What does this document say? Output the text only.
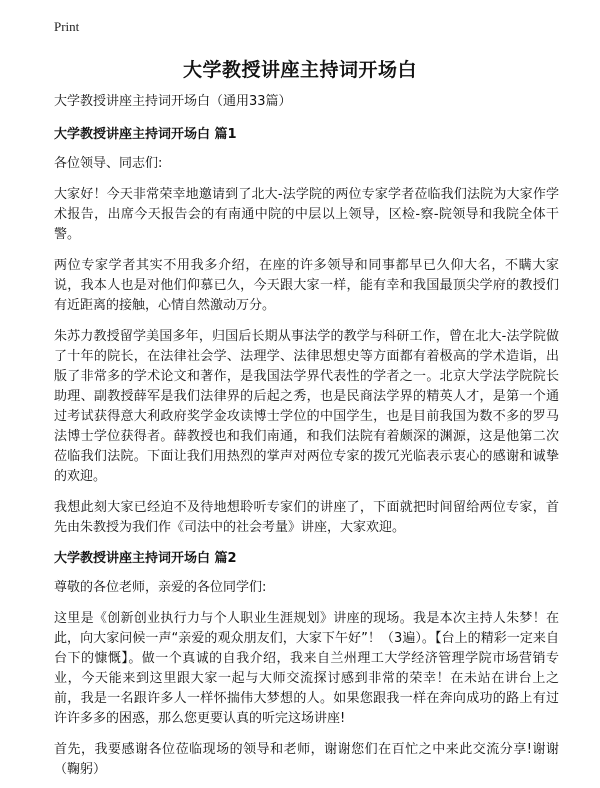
Print
大学教授讲座主持词开场白
大学教授讲座主持词开场白（通用33篇）
大学教授讲座主持词开场白 篇1
各位领导、同志们:

大家好！今天非常荣幸地邀请到了北大-法学院的两位专家学者莅临我们法院为大家作学术报告，出席今天报告会的有南通中院的中层以上领导，区检-察-院领导和我院全体干警。

两位专家学者其实不用我多介绍，在座的许多领导和同事都早已久仰大名，不瞒大家说，我本人也是对他们仰慕已久，今天跟大家一样，能有幸和我国最顶尖学府的教授们有近距离的接触，心情自然激动万分。

朱苏力教授留学美国多年，归国后长期从事法学的教学与科研工作，曾在北大-法学院做了十年的院长，在法律社会学、法理学、法律思想史等方面都有着极高的学术造诣，出版了非常多的学术论文和著作，是我国法学界代表性的学者之一。北京大学法学院院长助理、副教授薛军是我们法律界的后起之秀，也是民商法学界的精英人才，是第一个通过考试获得意大利政府奖学金攻读博士学位的中国学生，也是目前我国为数不多的罗马法博士学位获得者。薛教授也和我们南通，和我们法院有着颇深的渊源，这是他第二次莅临我们法院。下面让我们用热烈的掌声对两位专家的拨冗光临表示衷心的感谢和诚挚的欢迎。

我想此刻大家已经迫不及待地想聆听专家们的讲座了，下面就把时间留给两位专家，首先由朱教授为我们作《司法中的社会考量》讲座，大家欢迎。

大学教授讲座主持词开场白 篇2
尊敬的各位老师，亲爱的各位同学们:

这里是《创新创业执行力与个人职业生涯规划》讲座的现场。我是本次主持人朱梦！在此，向大家问候一声“亲爱的观众朋友们，大家下午好”！（3遍）。【台上的精彩一定来自台下的慷慨】。做一个真诚的自我介绍，我来自兰州理工大学经济管理学院市场营销专业，今天能来到这里跟大家一起与大师交流探讨感到非常的荣幸！在未站在讲台上之前，我是一名跟许多人一样怀揣伟大梦想的人。如果您跟我一样在奔向成功的路上有过许许多多的困惑，那么您更要认真的听完这场讲座!

首先，我要感谢各位莅临现场的领导和老师，谢谢您们在百忙之中来此交流分享!谢谢（鞠躬）
